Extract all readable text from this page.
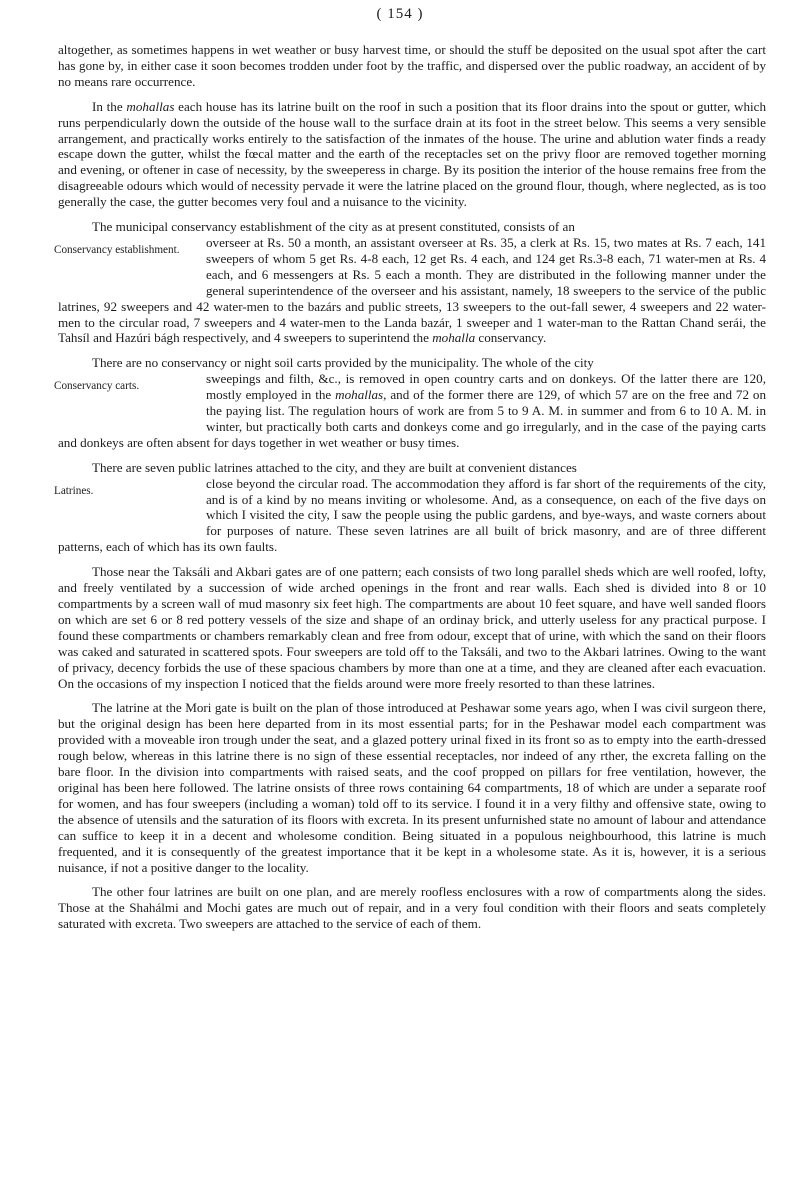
( 154 )

altogether, as sometimes happens in wet weather or busy harvest time, or should the stuff be deposited on the usual spot after the cart has gone by, in either case it soon becomes trodden under foot by the traffic, and dispersed over the public roadway, an accident of by no means rare occurrence.

In the mohallas each house has its latrine built on the roof in such a position that its floor drains into the spout or gutter, which runs perpendicularly down the outside of the house wall to the surface drain at its foot in the street below. This seems a very sensible arrangement, and practically works entirely to the satisfaction of the inmates of the house. The urine and ablution water finds a ready escape down the gutter, whilst the fœcal matter and the earth of the receptacles set on the privy floor are removed together morning and evening, or oftener in case of necessity, by the sweeperess in charge. By its position the interior of the house remains free from the disagreeable odours which would of necessity pervade it were the latrine placed on the ground flour, though, where neglected, as is too generally the case, the gutter becomes very foul and a nuisance to the vicinity.

The municipal conservancy establishment of the city as at present constituted, consists of an
Conservancy establishment.	overseer at Rs. 50 a month, an assistant overseer at Rs. 35, a clerk at Rs. 15, two mates at Rs. 7 each, 141 sweepers of whom 5 get Rs. 4-8 each, 12 get Rs. 4 each, and 124 get Rs.3-8 each, 71 water-men at Rs. 4 each, and 6 messengers at Rs. 5 each a month. They are distributed in the following manner under the general superintendence of the overseer and his assistant, namely, 18 sweepers to the service of the public latrines, 92 sweepers and 42 water-men to the bazárs and public streets, 13 sweepers to the out-fall sewer, 4 sweepers and 22 water-men to the circular road, 7 sweepers and 4 water-men to the Landa bazár, 1 sweeper and 1 water-man to the Rattan Chand serái, the Tahsíl and Hazúri bágh respectively, and 4 sweepers to superintend the mohalla conservancy.

There are no conservancy or night soil carts provided by the municipality. The whole of the city
Conservancy carts.	sweepings and filth, &c., is removed in open country carts and on donkeys. Of the latter there are 120, mostly employed in the mohallas, and of the former there are 129, of which 57 are on the free and 72 on the paying list. The regulation hours of work are from 5 to 9 A. M. in summer and from 6 to 10 A. M. in winter, but practically both carts and donkeys come and go irregularly, and in the case of the paying carts and donkeys are often absent for days together in wet weather or busy times.

There are seven public latrines attached to the city, and they are built at convenient distances
Latrines.	close beyond the circular road. The accommodation they afford is far short of the requirements of the city, and is of a kind by no means inviting or wholesome. And, as a consequence, on each of the five days on which I visited the city, I saw the people using the public gardens, and bye-ways, and waste corners about for purposes of nature. These seven latrines are all built of brick masonry, and are of three different patterns, each of which has its own faults.

Those near the Taksáli and Akbari gates are of one pattern; each consists of two long parallel sheds which are well roofed, lofty, and freely ventilated by a succession of wide arched openings in the front and rear walls. Each shed is divided into 8 or 10 compartments by a screen wall of mud masonry six feet high. The compartments are about 10 feet square, and have well sanded floors on which are set 6 or 8 red pottery vessels of the size and shape of an ordinay brick, and utterly useless for any practical purpose. I found these compartments or chambers remarkably clean and free from odour, except that of urine, with which the sand on their floors was caked and saturated in scattered spots. Four sweepers are told off to the Taksáli, and two to the Akbari latrines. Owing to the want of privacy, decency forbids the use of these spacious chambers by more than one at a time, and they are cleaned after each evacuation. On the occasions of my inspection I noticed that the fields around were more freely resorted to than these latrines.

The latrine at the Mori gate is built on the plan of those introduced at Peshawar some years ago, when I was civil surgeon there, but the original design has been here departed from in its most essential parts; for in the Peshawar model each compartment was provided with a moveable iron trough under the seat, and a glazed pottery urinal fixed in its front so as to empty into the earth-dressed rough below, whereas in this latrine there is no sign of these essential receptacles, nor indeed of any rther, the excreta falling on the bare floor. In the division into compartments with raised seats, and the coof propped on pillars for free ventilation, however, the original has been here followed. The latrine onsists of three rows containing 64 compartments, 18 of which are under a separate roof for women, and has four sweepers (including a woman) told off to its service. I found it in a very filthy and offensive state, owing to the absence of utensils and the saturation of its floors with excreta. In its present unfurnished state no amount of labour and attendance can suffice to keep it in a decent and wholesome condition. Being situated in a populous neighbourhood, this latrine is much frequented, and it is consequently of the greatest importance that it be kept in a wholesome state. As it is, however, it is a serious nuisance, if not a positive danger to the locality.

The other four latrines are built on one plan, and are merely roofless enclosures with a row of compartments along the sides. Those at the Shahálmi and Mochi gates are much out of repair, and in a very foul condition with their floors and seats completely saturated with excreta. Two sweepers are attached to the service of each of them.
